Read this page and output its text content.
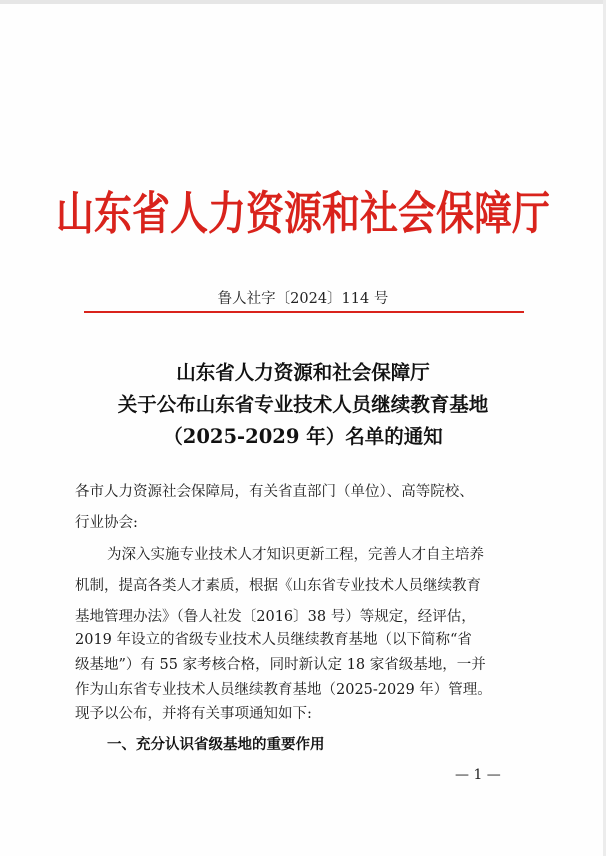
山东省人力资源和社会保障厅
鲁人社字〔2024〕114 号
山东省人力资源和社会保障厅
关于公布山东省专业技术人员继续教育基地
（2025-2029 年）名单的通知
各市人力资源社会保障局，有关省直部门（单位）、高等院校、
行业协会:
为深入实施专业技术人才知识更新工程，完善人才自主培养
机制，提高各类人才素质，根据《山东省专业技术人员继续教育
基地管理办法》（鲁人社发〔2016〕38 号）等规定，经评估，
2019 年设立的省级专业技术人员继续教育基地（以下简称“省
级基地”）有 55 家考核合格，同时新认定 18 家省级基地，一并
作为山东省专业技术人员继续教育基地（2025-2029 年）管理。
现予以公布，并将有关事项通知如下:
一、充分认识省级基地的重要作用
— 1 —
